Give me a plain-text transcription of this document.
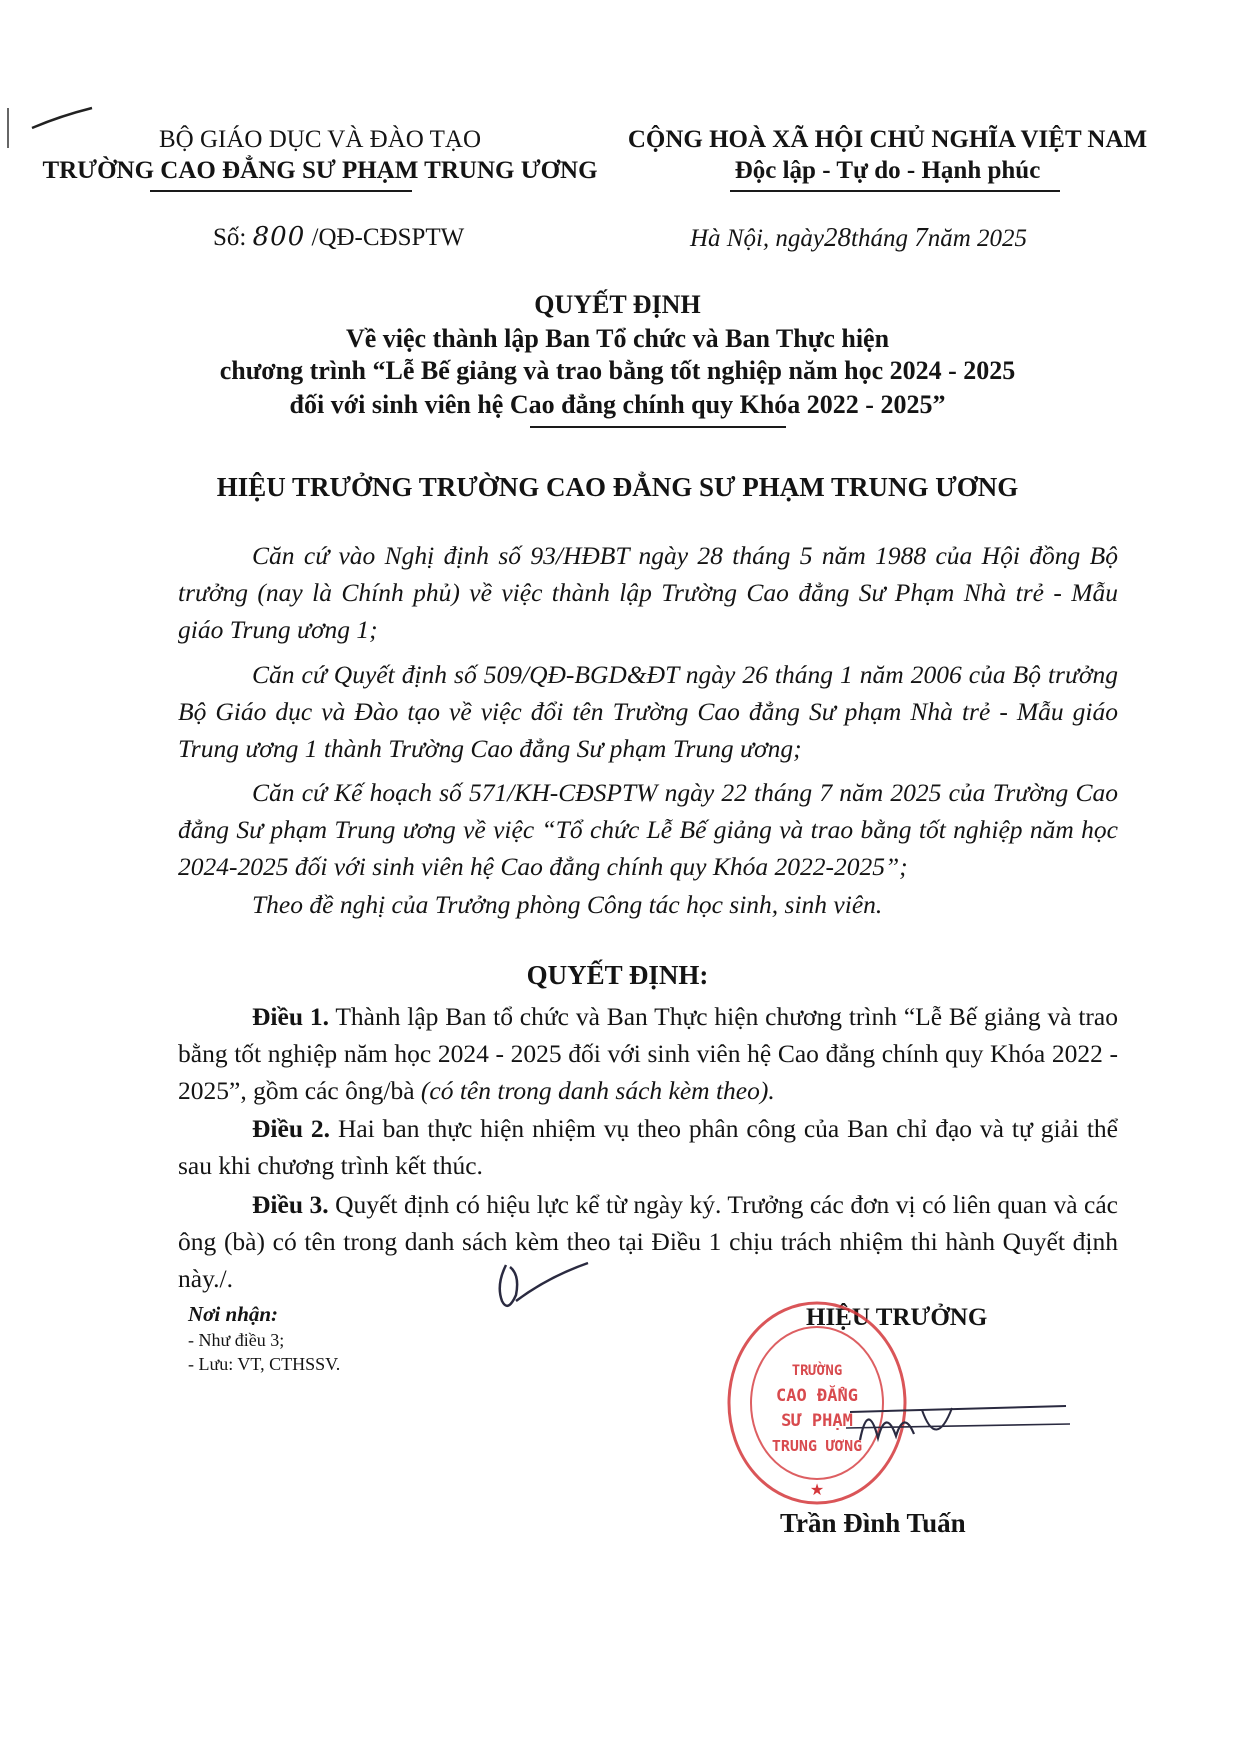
BỘ GIÁO DỤC VÀ ĐÀO TẠO
TRƯỜNG CAO ĐẲNG SƯ PHẠM TRUNG ƯƠNG
CỘNG HOÀ XÃ HỘI CHỦ NGHĨA VIỆT NAM
Độc lập - Tự do - Hạnh phúc
Số: 800 /QĐ-CĐSPTW	Hà Nội, ngày28tháng 7năm 2025
QUYẾT ĐỊNH
Về việc thành lập Ban Tổ chức và Ban Thực hiện
chương trình “Lễ Bế giảng và trao bằng tốt nghiệp năm học 2024 - 2025
đối với sinh viên hệ Cao đẳng chính quy Khóa 2022 - 2025”
HIỆU TRƯỞNG TRƯỜNG CAO ĐẲNG SƯ PHẠM TRUNG ƯƠNG

Căn cứ vào Nghị định số 93/HĐBT ngày 28 tháng 5 năm 1988 của Hội đồng Bộ trưởng (nay là Chính phủ) về việc thành lập Trường Cao đẳng Sư Phạm Nhà trẻ - Mẫu giáo Trung ương 1;

Căn cứ Quyết định số 509/QĐ-BGD&ĐT ngày 26 tháng 1 năm 2006 của Bộ trưởng Bộ Giáo dục và Đào tạo về việc đổi tên Trường Cao đẳng Sư phạm Nhà trẻ - Mẫu giáo Trung ương 1 thành Trường Cao đẳng Sư phạm Trung ương;

Căn cứ Kế hoạch số 571/KH-CĐSPTW ngày 22 tháng 7 năm 2025 của Trường Cao đẳng Sư phạm Trung ương về việc “Tổ chức Lễ Bế giảng và trao bằng tốt nghiệp năm học 2024-2025 đối với sinh viên hệ Cao đẳng chính quy Khóa 2022-2025”;

Theo đề nghị của Trưởng phòng Công tác học sinh, sinh viên.

QUYẾT ĐỊNH:

Điều 1. Thành lập Ban tổ chức và Ban Thực hiện chương trình “Lễ Bế giảng và trao bằng tốt nghiệp năm học 2024 - 2025 đối với sinh viên hệ Cao đẳng chính quy Khóa 2022 - 2025”, gồm các ông/bà (có tên trong danh sách kèm theo).

Điều 2. Hai ban thực hiện nhiệm vụ theo phân công của Ban chỉ đạo và tự giải thể sau khi chương trình kết thúc.

Điều 3. Quyết định có hiệu lực kể từ ngày ký. Trưởng các đơn vị có liên quan và các ông (bà) có tên trong danh sách kèm theo tại Điều 1 chịu trách nhiệm thi hành Quyết định này./.

Nơi nhận:
- Như điều 3;
- Lưu: VT, CTHSSV.
HIỆU TRƯỞNG
★
TRƯỜNG
CAO ĐẲNG
SƯ PHẠM
TRUNG ƯƠNG
Trần Đình Tuấn
